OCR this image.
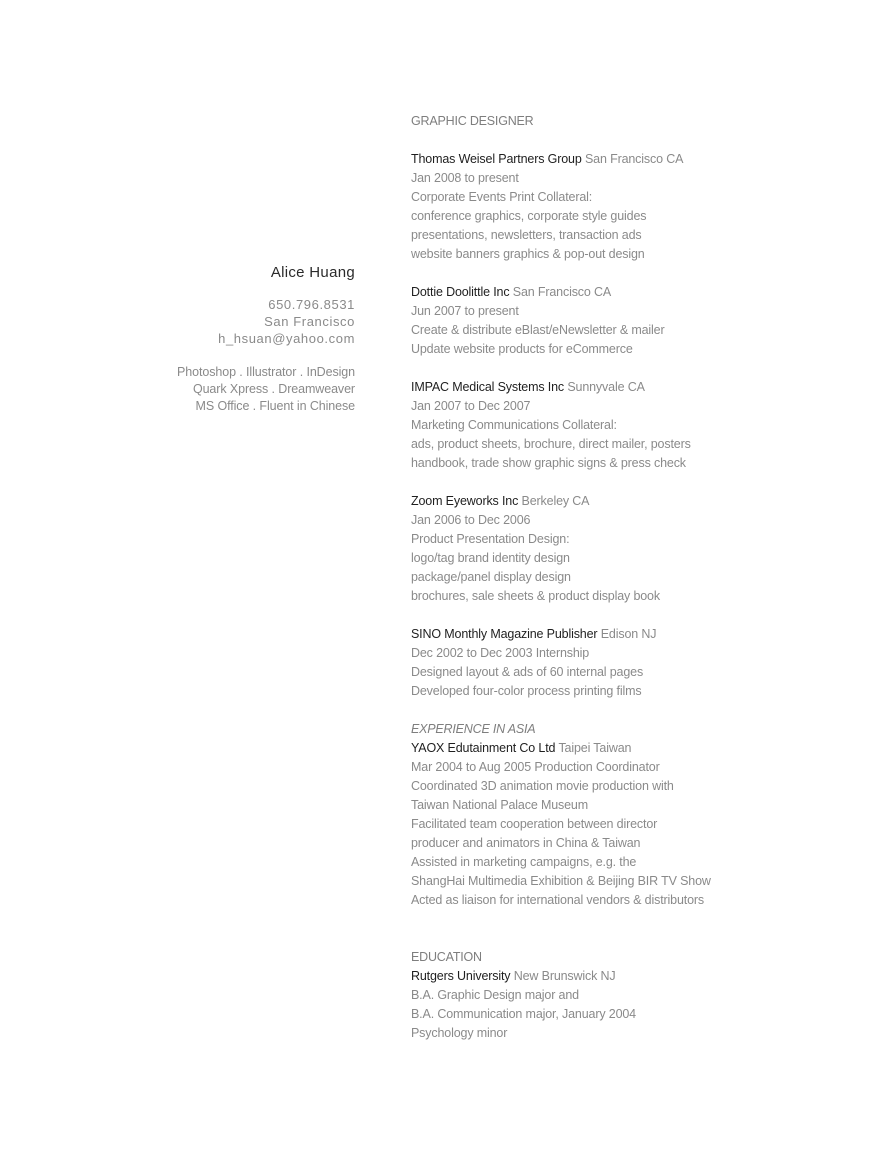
Alice Huang
650.796.8531
San Francisco
h_hsuan@yahoo.com
Photoshop . Illustrator . InDesign
Quark Xpress . Dreamweaver
MS Office . Fluent in Chinese
GRAPHIC DESIGNER
Thomas Weisel Partners Group San Francisco CA
Jan 2008 to present
Corporate Events Print Collateral:
conference graphics, corporate style guides
presentations, newsletters, transaction ads
website banners graphics & pop-out design
Dottie Doolittle Inc San Francisco CA
Jun 2007 to present
Create & distribute eBlast/eNewsletter & mailer
Update website products for eCommerce
IMPAC Medical Systems Inc Sunnyvale CA
Jan 2007 to Dec 2007
Marketing Communications Collateral:
ads, product sheets, brochure, direct mailer, posters
handbook, trade show graphic signs & press check
Zoom Eyeworks Inc Berkeley CA
Jan 2006 to Dec 2006
Product Presentation Design:
logo/tag brand identity design
package/panel display design
brochures, sale sheets & product display book
SINO Monthly Magazine Publisher Edison NJ
Dec 2002 to Dec 2003 Internship
Designed layout & ads of 60 internal pages
Developed four-color process printing films
EXPERIENCE IN ASIA
YAOX Edutainment Co Ltd Taipei Taiwan
Mar 2004 to Aug 2005 Production Coordinator
Coordinated 3D animation movie production with
Taiwan National Palace Museum
Facilitated team cooperation between director
producer and animators in China & Taiwan
Assisted in marketing campaigns, e.g. the
ShangHai Multimedia Exhibition & Beijing BIR TV Show
Acted as liaison for international vendors & distributors
EDUCATION
Rutgers University New Brunswick NJ
B.A. Graphic Design major and
B.A. Communication major, January 2004
Psychology minor
